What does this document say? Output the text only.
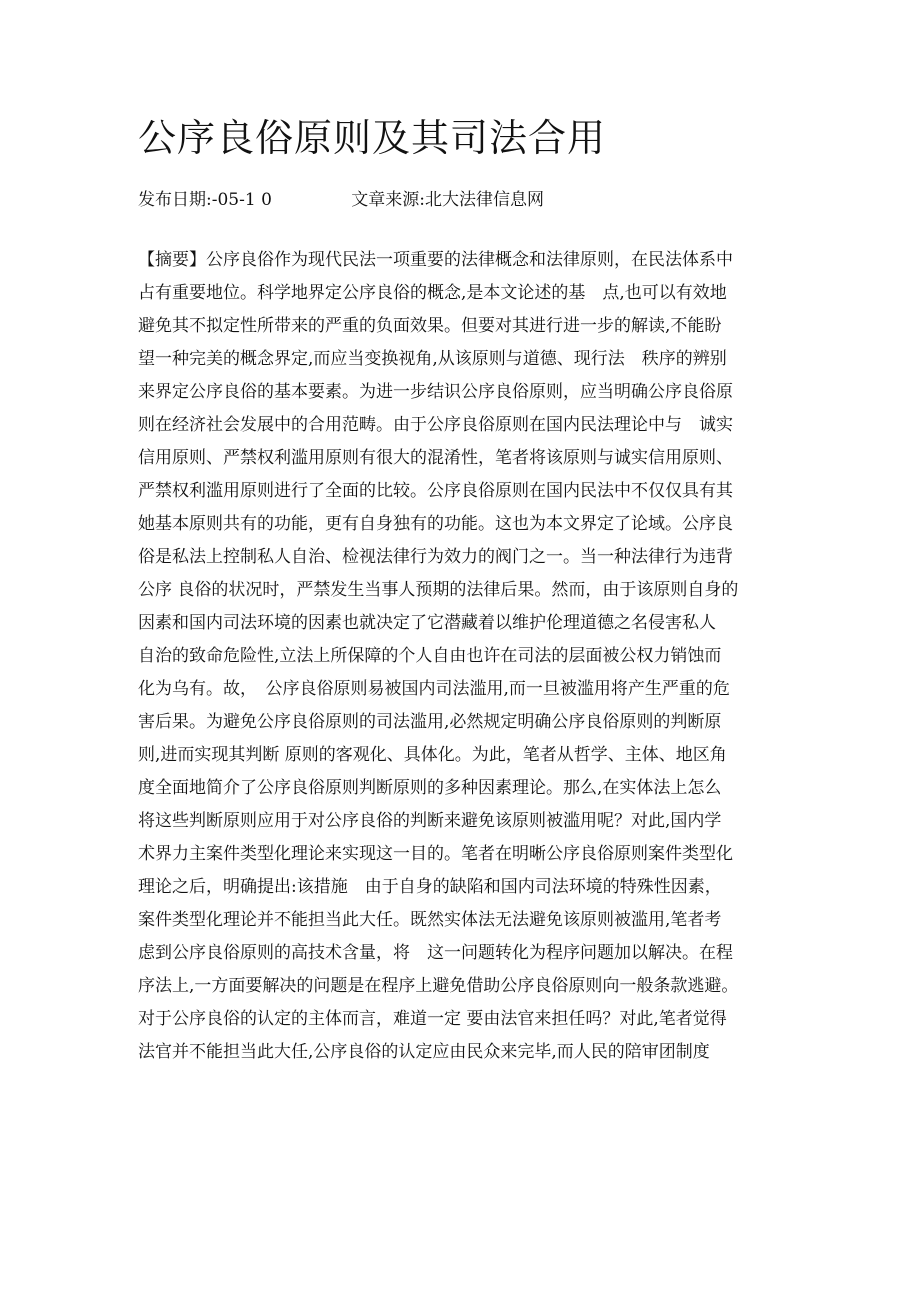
公序良俗原则及其司法合用
发布日期:-05-1 0	文章来源:北大法律信息网
【摘要】公序良俗作为现代民法一项重要的法律概念和法律原则，在民法体系中
占有重要地位。科学地界定公序良俗的概念,是本文论述的基　点,也可以有效地
避免其不拟定性所带来的严重的负面效果。但要对其进行进一步的解读,不能盼
望一种完美的概念界定,而应当变换视角,从该原则与道德、现行法　秩序的辨别
来界定公序良俗的基本要素。为进一步结识公序良俗原则，应当明确公序良俗原
则在经济社会发展中的合用范畴。由于公序良俗原则在国内民法理论中与　诚实
信用原则、严禁权利滥用原则有很大的混淆性，笔者将该原则与诚实信用原则、
严禁权利滥用原则进行了全面的比较。公序良俗原则在国内民法中不仅仅具有其
她基本原则共有的功能，更有自身独有的功能。这也为本文界定了论域。公序良
俗是私法上控制私人自治、检视法律行为效力的阀门之一。当一种法律行为违背
公序 良俗的状况时，严禁发生当事人预期的法律后果。然而，由于该原则自身的
因素和国内司法环境的因素也就决定了它潜藏着以维护伦理道德之名侵害私人
自治的致命危险性,立法上所保障的个人自由也许在司法的层面被公权力销蚀而
化为乌有。故，　公序良俗原则易被国内司法滥用,而一旦被滥用将产生严重的危
害后果。为避免公序良俗原则的司法滥用,必然规定明确公序良俗原则的判断原
则,进而实现其判断 原则的客观化、具体化。为此，笔者从哲学、主体、地区角
度全面地简介了公序良俗原则判断原则的多种因素理论。那么,在实体法上怎么
将这些判断原则应用于对公序良俗的判断来避免该原则被滥用呢？对此,国内学
术界力主案件类型化理论来实现这一目的。笔者在明晰公序良俗原则案件类型化
理论之后，明确提出:该措施　由于自身的缺陷和国内司法环境的特殊性因素，
案件类型化理论并不能担当此大任。既然实体法无法避免该原则被滥用,笔者考
虑到公序良俗原则的高技术含量，将　这一问题转化为程序问题加以解决。在程
序法上,一方面要解决的问题是在程序上避免借助公序良俗原则向一般条款逃避。
对于公序良俗的认定的主体而言，难道一定 要由法官来担任吗？对此,笔者觉得
法官并不能担当此大任,公序良俗的认定应由民众来完毕,而人民的陪审团制度
